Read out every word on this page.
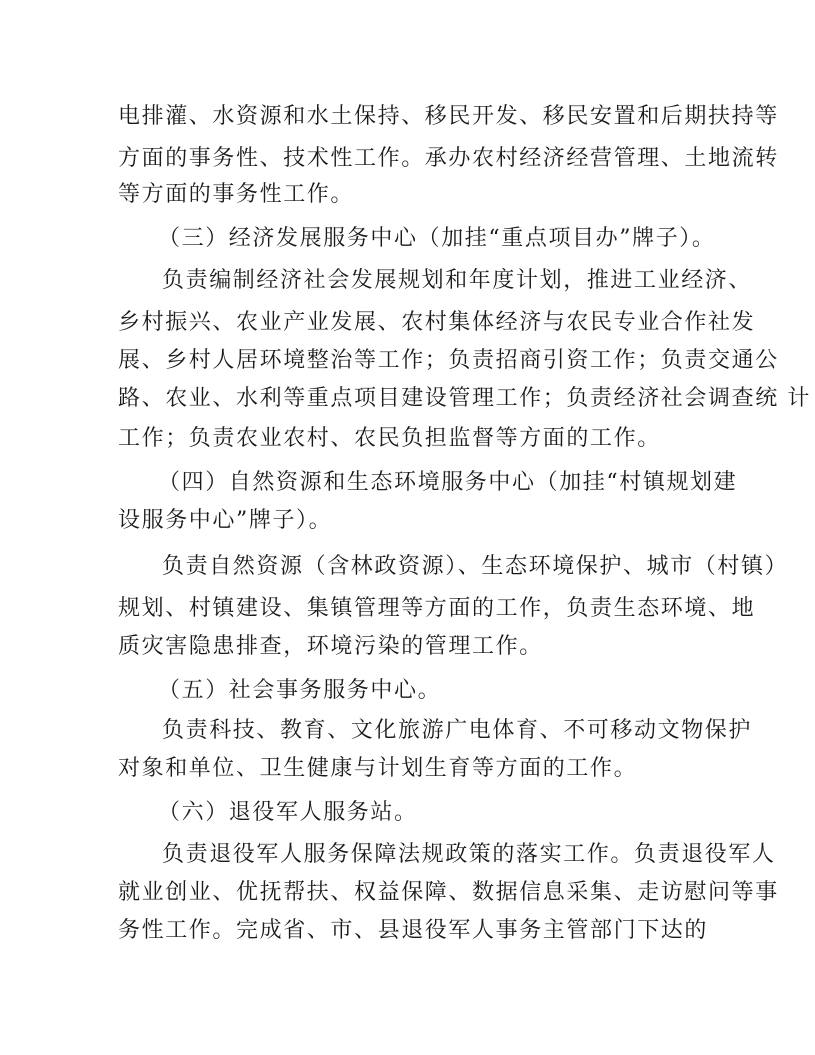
电排灌、水资源和水土保持、移民开发、移民安置和后期扶持等
方面的事务性、技术性工作。承办农村经济经营管理、土地流转
等方面的事务性工作。
（三）经济发展服务中心（加挂“重点项目办”牌子）。
负责编制经济社会发展规划和年度计划，推进工业经济、
乡村振兴、农业产业发展、农村集体经济与农民专业合作社发
展、乡村人居环境整治等工作；负责招商引资工作；负责交通公
路、农业、水利等重点项目建设管理工作；负责经济社会调查统 计
工作；负责农业农村、农民负担监督等方面的工作。
（四）自然资源和生态环境服务中心（加挂“村镇规划建
设服务中心”牌子）。
负责自然资源（含林政资源）、生态环境保护、城市（村镇）
规划、村镇建设、集镇管理等方面的工作，负责生态环境、地
质灾害隐患排查，环境污染的管理工作。
（五）社会事务服务中心。
负责科技、教育、文化旅游广电体育、不可移动文物保护
对象和单位、卫生健康与计划生育等方面的工作。
（六）退役军人服务站。
负责退役军人服务保障法规政策的落实工作。负责退役军人
就业创业、优抚帮扶、权益保障、数据信息采集、走访慰问等事
务性工作。完成省、市、县退役军人事务主管部门下达的
